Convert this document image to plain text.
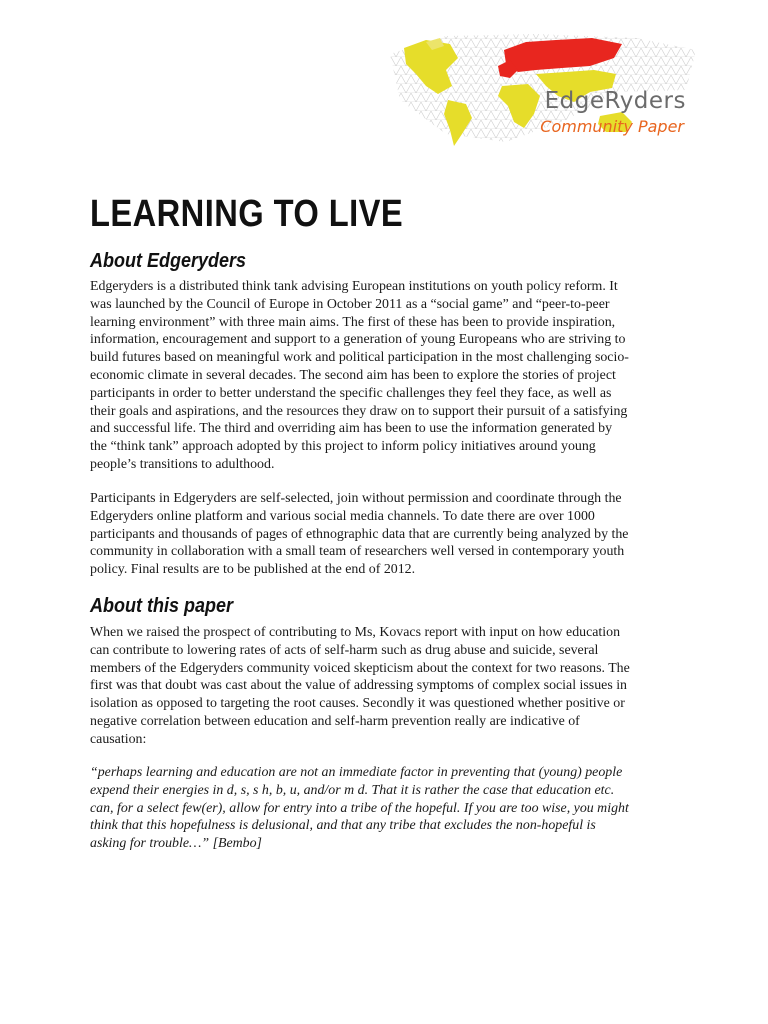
EdgeRyders
Community Paper
LEARNING TO LIVE
About Edgeryders
Edgeryders is a distributed think tank advising European institutions on youth policy reform. It
was launched by the Council of Europe in October 2011 as a “social game” and “peer-to-peer
learning environment” with three main aims. The first of these has been to provide inspiration,
information, encouragement and support to a generation of young Europeans who are striving to
build futures based on meaningful work and political participation in the most challenging socio-
economic climate in several decades. The second aim has been to explore the stories of project
participants in order to better understand the specific challenges they feel they face, as well as
their goals and aspirations, and the resources they draw on to support their pursuit of a satisfying
and successful life. The third and overriding aim has been to use the information generated by
the “think tank” approach adopted by this project to inform policy initiatives around young
people’s transitions to adulthood.
Participants in Edgeryders are self-selected, join without permission and coordinate through the
Edgeryders online platform and various social media channels. To date there are over 1000
participants and thousands of pages of ethnographic data that are currently being analyzed by the
community in collaboration with a small team of researchers well versed in contemporary youth
policy. Final results are to be published at the end of 2012.
About this paper
When we raised the prospect of contributing to Ms, Kovacs report with input on how education
can contribute to lowering rates of acts of self-harm such as drug abuse and suicide, several
members of the Edgeryders community voiced skepticism about the context for two reasons. The
first was that doubt was cast about the value of addressing symptoms of complex social issues in
isolation as opposed to targeting the root causes. Secondly it was questioned whether positive or
negative correlation between education and self-harm prevention really are indicative of
causation:
“perhaps learning and education are not an immediate factor in preventing that (young) people
expend their energies in d, s, s h, b, u, and/or m d. That it is rather the case that education etc.
can, for a select few(er), allow for entry into a tribe of the hopeful. If you are too wise, you might
think that this hopefulness is delusional, and that any tribe that excludes the non-hopeful is
asking for trouble…” [Bembo]
